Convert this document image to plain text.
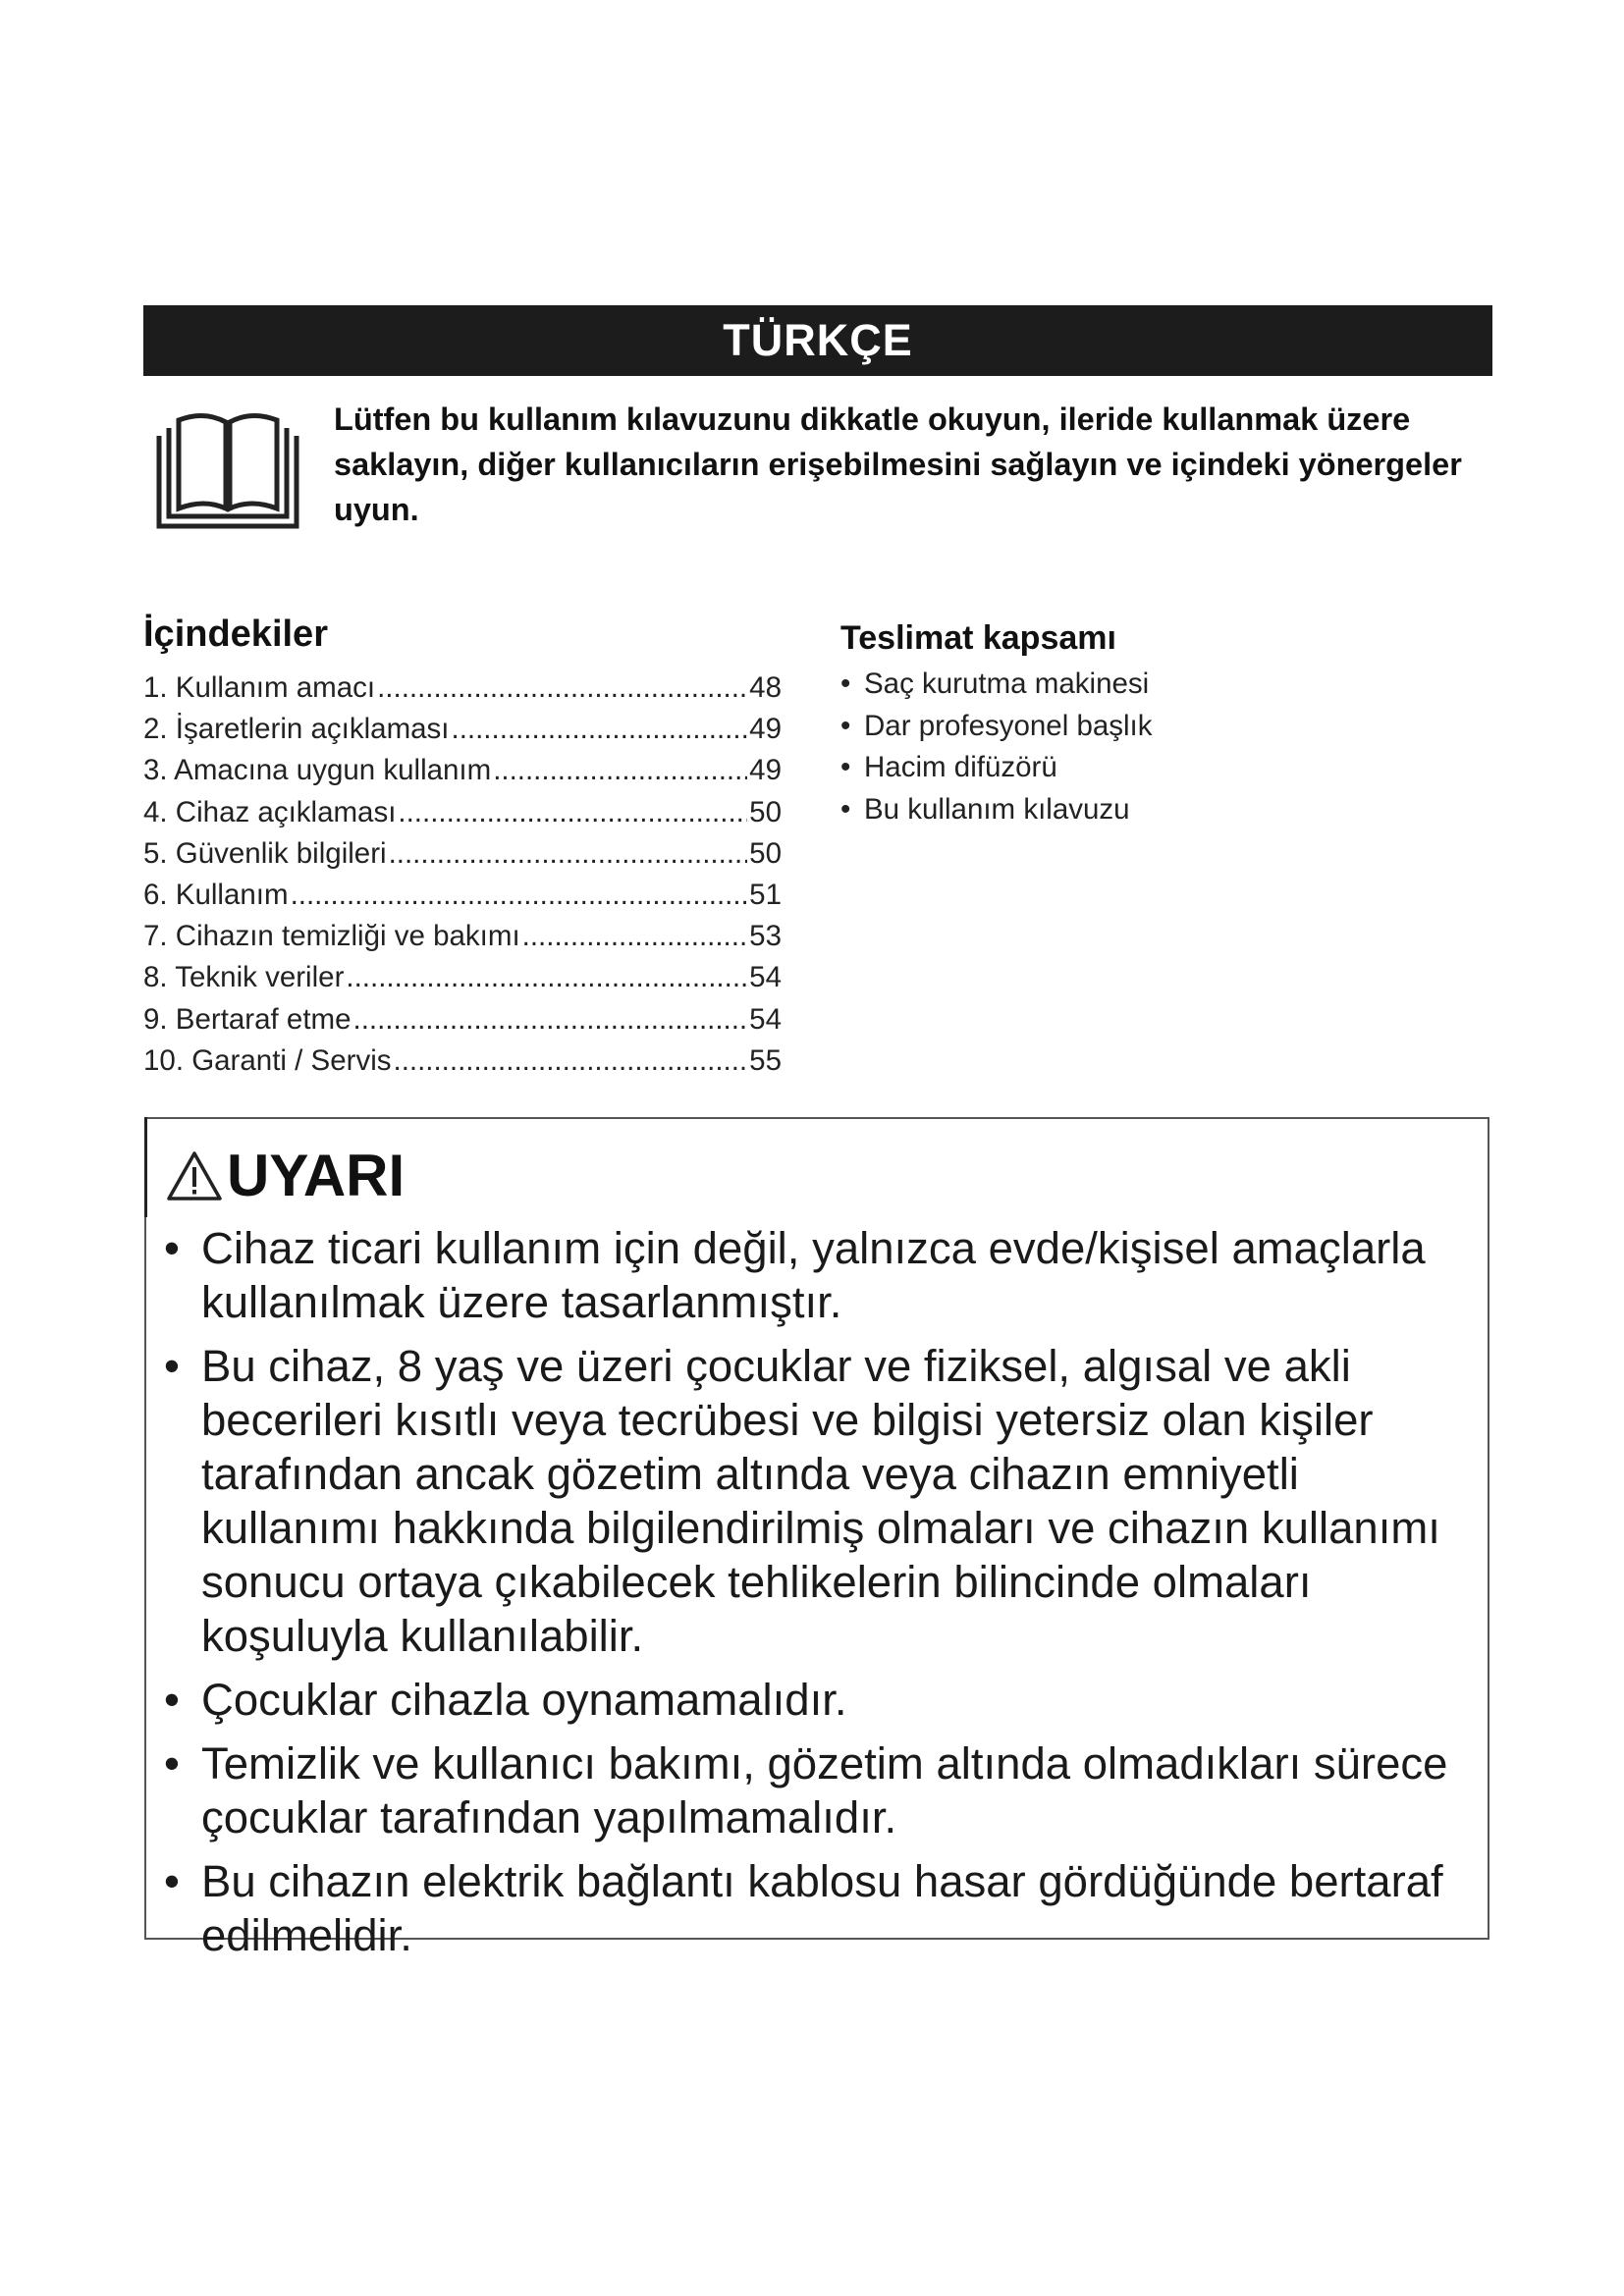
TÜRKÇE
Lütfen bu kullanım kılavuzunu dikkatle okuyun, ileride kullanmak üzere saklayın, diğer kullanıcıların erişebilmesini sağlayın ve içindeki yönergeler uyun.
İçindekiler
1. Kullanım amacı .....	48
2. İşaretlerin açıklaması .....	49
3. Amacına uygun kullanım .....	49
4. Cihaz açıklaması .....	50
5. Güvenlik bilgileri .....	50
6. Kullanım .....	51
7. Cihazın temizliği ve bakımı .....	53
8. Teknik veriler .....	54
9. Bertaraf etme .....	54
10. Garanti / Servis .....	55
Teslimat kapsamı
• Saç kurutma makinesi
• Dar profesyonel başlık
• Hacim difüzörü
• Bu kullanım kılavuzu
UYARI
• Cihaz ticari kullanım için değil, yalnızca evde/kişisel amaçlarla kullanılmak üzere tasarlanmıştır.
• Bu cihaz, 8 yaş ve üzeri çocuklar ve fiziksel, algısal ve akli becerileri kısıtlı veya tecrübesi ve bilgisi yetersiz olan kişiler tarafından ancak gözetim altında veya cihazın emniyetli kullanımı hakkında bilgilendirilmiş olmaları ve cihazın kullanımı sonucu ortaya çıkabilecek tehlikelerin bilincinde olmaları koşuluyla kullanılabilir.
• Çocuklar cihazla oynamamalıdır.
• Temizlik ve kullanıcı bakımı, gözetim altında olmadıkları sürece çocuklar tarafından yapılmamalıdır.
• Bu cihazın elektrik bağlantı kablosu hasar gördüğünde bertaraf edilmelidir.
